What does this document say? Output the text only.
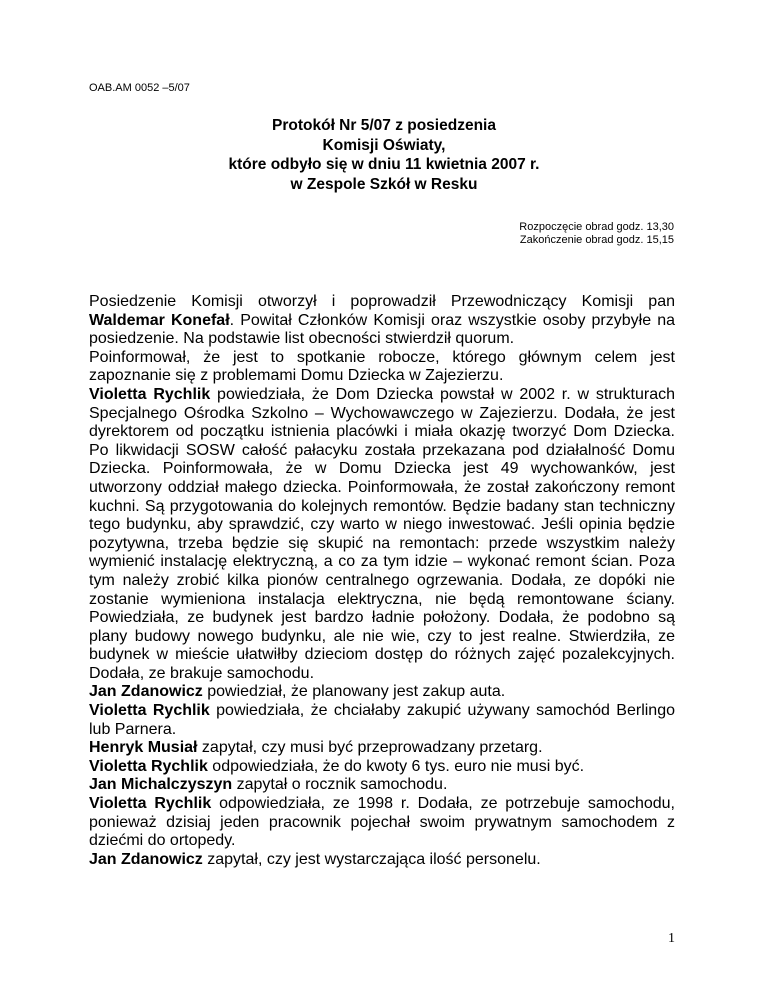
OAB.AM 0052 –5/07
Protokół Nr 5/07 z posiedzenia
Komisji Oświaty,
które odbyło się w dniu 11 kwietnia 2007 r.
w Zespole Szkół w Resku
Rozpoczęcie obrad godz. 13,30
Zakończenie obrad godz. 15,15

Posiedzenie Komisji otworzył i poprowadził Przewodniczący Komisji pan Waldemar Konefał. Powitał Członków Komisji oraz wszystkie osoby przybyłe na posiedzenie. Na podstawie list obecności stwierdził quorum.

Poinformował, że jest to spotkanie robocze, którego głównym celem jest zapoznanie się z problemami Domu Dziecka w Zajezierzu.

Violetta Rychlik powiedziała, że Dom Dziecka powstał w 2002 r. w strukturach Specjalnego Ośrodka Szkolno – Wychowawczego w Zajezierzu. Dodała, że jest dyrektorem od początku istnienia placówki i miała okazję tworzyć Dom Dziecka. Po likwidacji SOSW całość pałacyku została przekazana pod działalność Domu Dziecka. Poinformowała, że w Domu Dziecka jest 49 wychowanków, jest utworzony oddział małego dziecka. Poinformowała, że został zakończony remont kuchni. Są przygotowania do kolejnych remontów. Będzie badany stan techniczny tego budynku, aby sprawdzić, czy warto w niego inwestować. Jeśli opinia będzie pozytywna, trzeba będzie się skupić na remontach: przede wszystkim należy wymienić instalację elektryczną, a co za tym idzie – wykonać remont ścian. Poza tym należy zrobić kilka pionów centralnego ogrzewania. Dodała, ze dopóki nie zostanie wymieniona instalacja elektryczna, nie będą remontowane ściany. Powiedziała, ze budynek jest bardzo ładnie położony. Dodała, że podobno są plany budowy nowego budynku, ale nie wie, czy to jest realne. Stwierdziła, ze budynek w mieście ułatwiłby dzieciom dostęp do różnych zajęć pozalekcyjnych. Dodała, ze brakuje samochodu.

Jan Zdanowicz powiedział, że planowany jest zakup auta.

Violetta Rychlik powiedziała, że chciałaby zakupić używany samochód Berlingo lub Parnera.

Henryk Musiał zapytał, czy musi być przeprowadzany przetarg.

Violetta Rychlik odpowiedziała, że do kwoty 6 tys. euro nie musi być.

Jan Michalczyszyn zapytał o rocznik samochodu.

Violetta Rychlik odpowiedziała, ze 1998 r. Dodała, ze potrzebuje samochodu, ponieważ dzisiaj jeden pracownik pojechał swoim prywatnym samochodem z dziećmi do ortopedy.

Jan Zdanowicz zapytał, czy jest wystarczająca ilość personelu.

1
